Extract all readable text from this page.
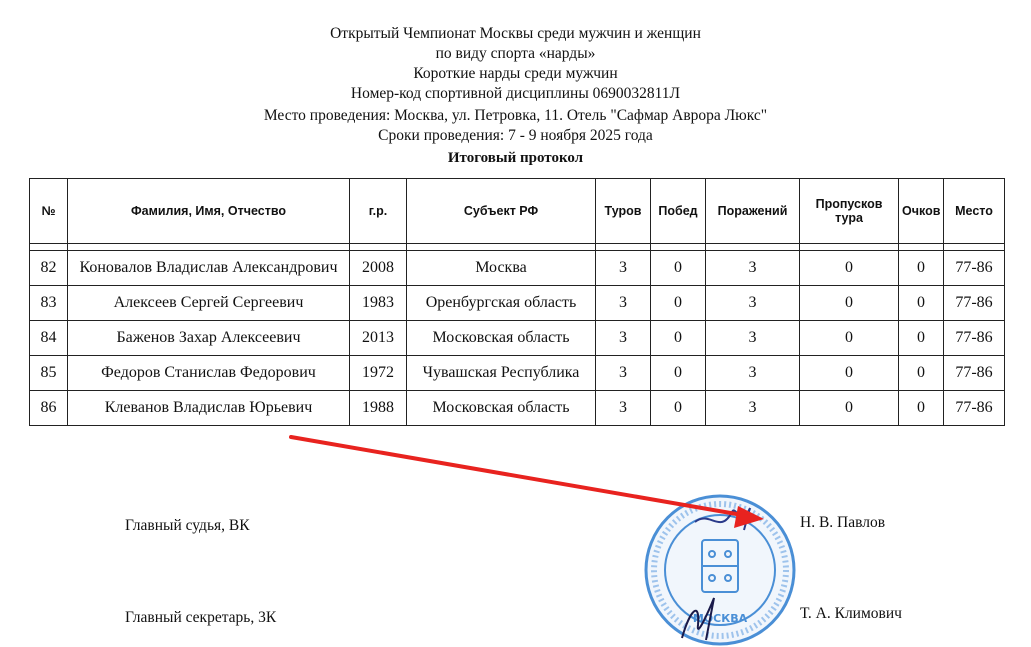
Открытый Чемпионат Москвы среди мужчин и женщин
по виду спорта «нарды»
Короткие нарды среди мужчин
Номер-код спортивной дисциплины 0690032811Л
Место проведения: Москва, ул. Петровка, 11. Отель "Сафмар Аврора Люкс"
Сроки проведения: 7 - 9 ноября 2025 года
Итоговый протокол
№	Фамилия, Имя, Отчество	г.р.	Субъект РФ	Туров	Побед	Поражений	Пропусков тура	Очков	Место

82	Коновалов Владислав Александрович	2008	Москва	3	0	3	0	0	77-86
83	Алексеев Сергей Сергеевич	1983	Оренбургская область	3	0	3	0	0	77-86
84	Баженов Захар Алексеевич	2013	Московская область	3	0	3	0	0	77-86
85	Федоров Станислав Федорович	1972	Чувашская Республика	3	0	3	0	0	77-86
86	Клеванов Владислав Юрьевич	1988	Московская область	3	0	3	0	0	77-86
Главный судья, ВК	Н. В. Павлов
Главный секретарь, 3К	Т. А. Климович
МОСКВА
